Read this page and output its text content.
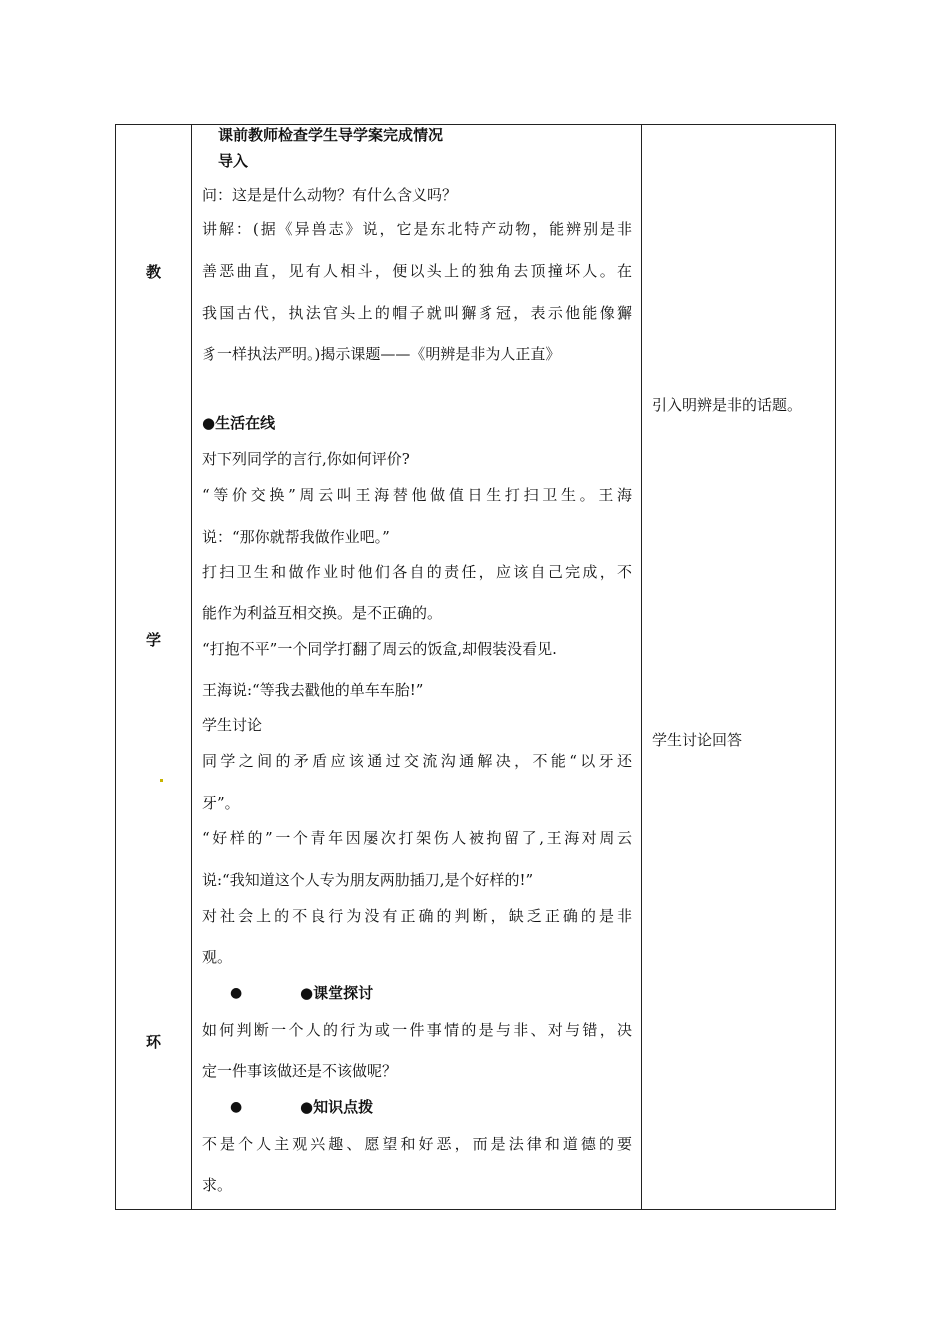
教
学
环
课前教师检查学生导学案完成情况
导入
问：这是是什么动物？有什么含义吗？
讲解：(据《异兽志》说，它是东北特产动物，能辨别是非
善恶曲直，见有人相斗，便以头上的独角去顶撞坏人。在
我国古代，执法官头上的帽子就叫獬豸冠，表示他能像獬
豸一样执法严明。)揭示课题——《明辨是非为人正直》
●生活在线
对下列同学的言行,你如何评价?
“等价交换”周云叫王海替他做值日生打扫卫生。王海
说：“那你就帮我做作业吧。”
打扫卫生和做作业时他们各自的责任，应该自己完成，不
能作为利益互相交换。是不正确的。
“打抱不平”一个同学打翻了周云的饭盒,却假装没看见.
王海说:“等我去戳他的单车车胎!”
学生讨论
同学之间的矛盾应该通过交流沟通解决，不能“以牙还
牙”。
“好样的”一个青年因屡次打架伤人被拘留了,王海对周云
说:“我知道这个人专为朋友两肋插刀,是个好样的!”
对社会上的不良行为没有正确的判断，缺乏正确的是非
观。
●	●课堂探讨
如何判断一个人的行为或一件事情的是与非、对与错，决
定一件事该做还是不该做呢？
●	●知识点拨
不是个人主观兴趣、愿望和好恶，而是法律和道德的要
求。
引入明辨是非的话题。
学生讨论回答
